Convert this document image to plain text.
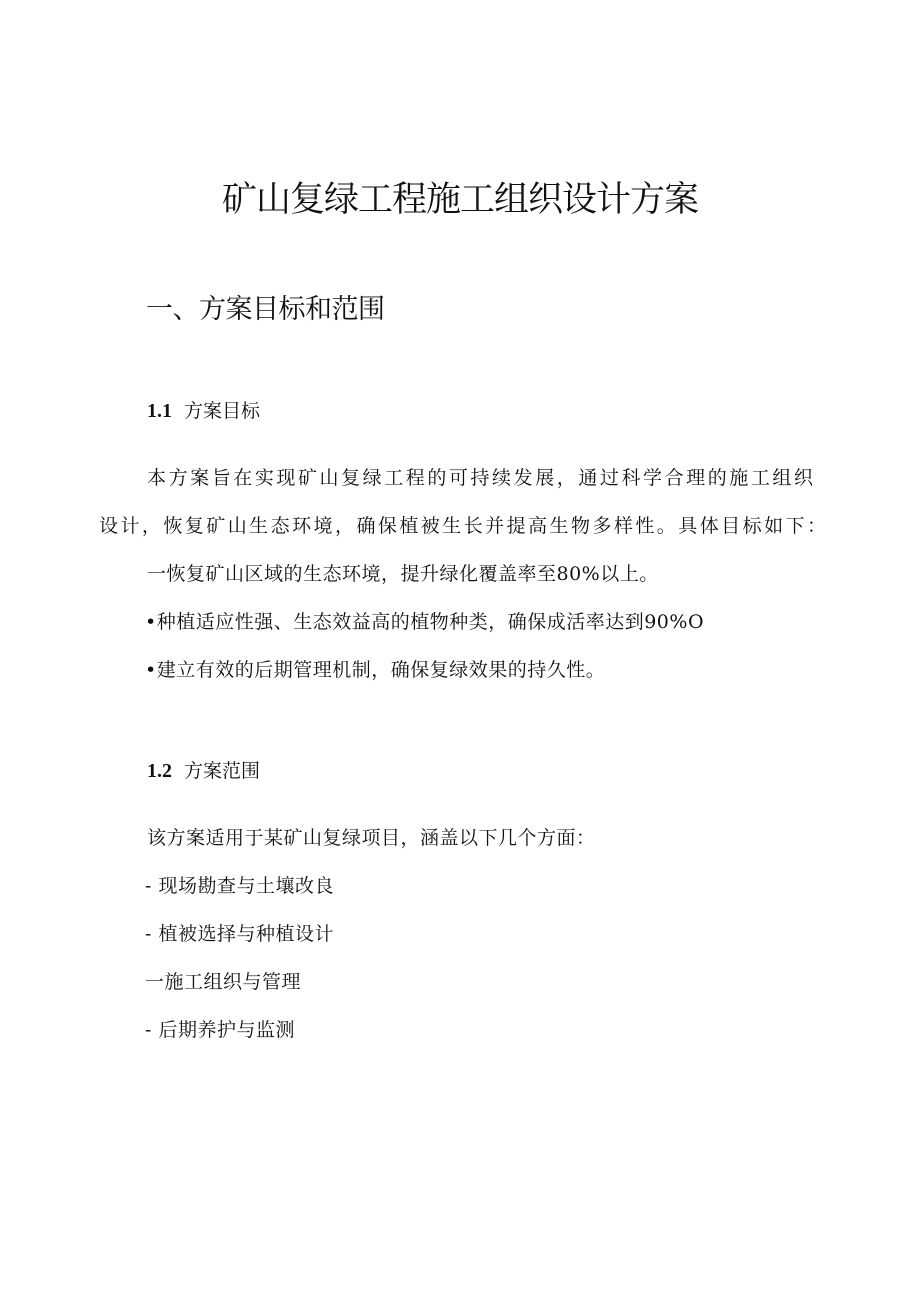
矿山复绿工程施工组织设计方案
一、方案目标和范围
1.1 方案目标

本方案旨在实现矿山复绿工程的可持续发展，通过科学合理的施工组织

设计，恢复矿山生态环境，确保植被生长并提高生物多样性。具体目标如下：

一恢复矿山区域的生态环境，提升绿化覆盖率至80%以上。

•种植适应性强、生态效益高的植物种类，确保成活率达到90%O

•建立有效的后期管理机制，确保复绿效果的持久性。

1.2 方案范围

该方案适用于某矿山复绿项目，涵盖以下几个方面：

- 现场勘查与土壤改良

- 植被选择与种植设计

一施工组织与管理

- 后期养护与监测
